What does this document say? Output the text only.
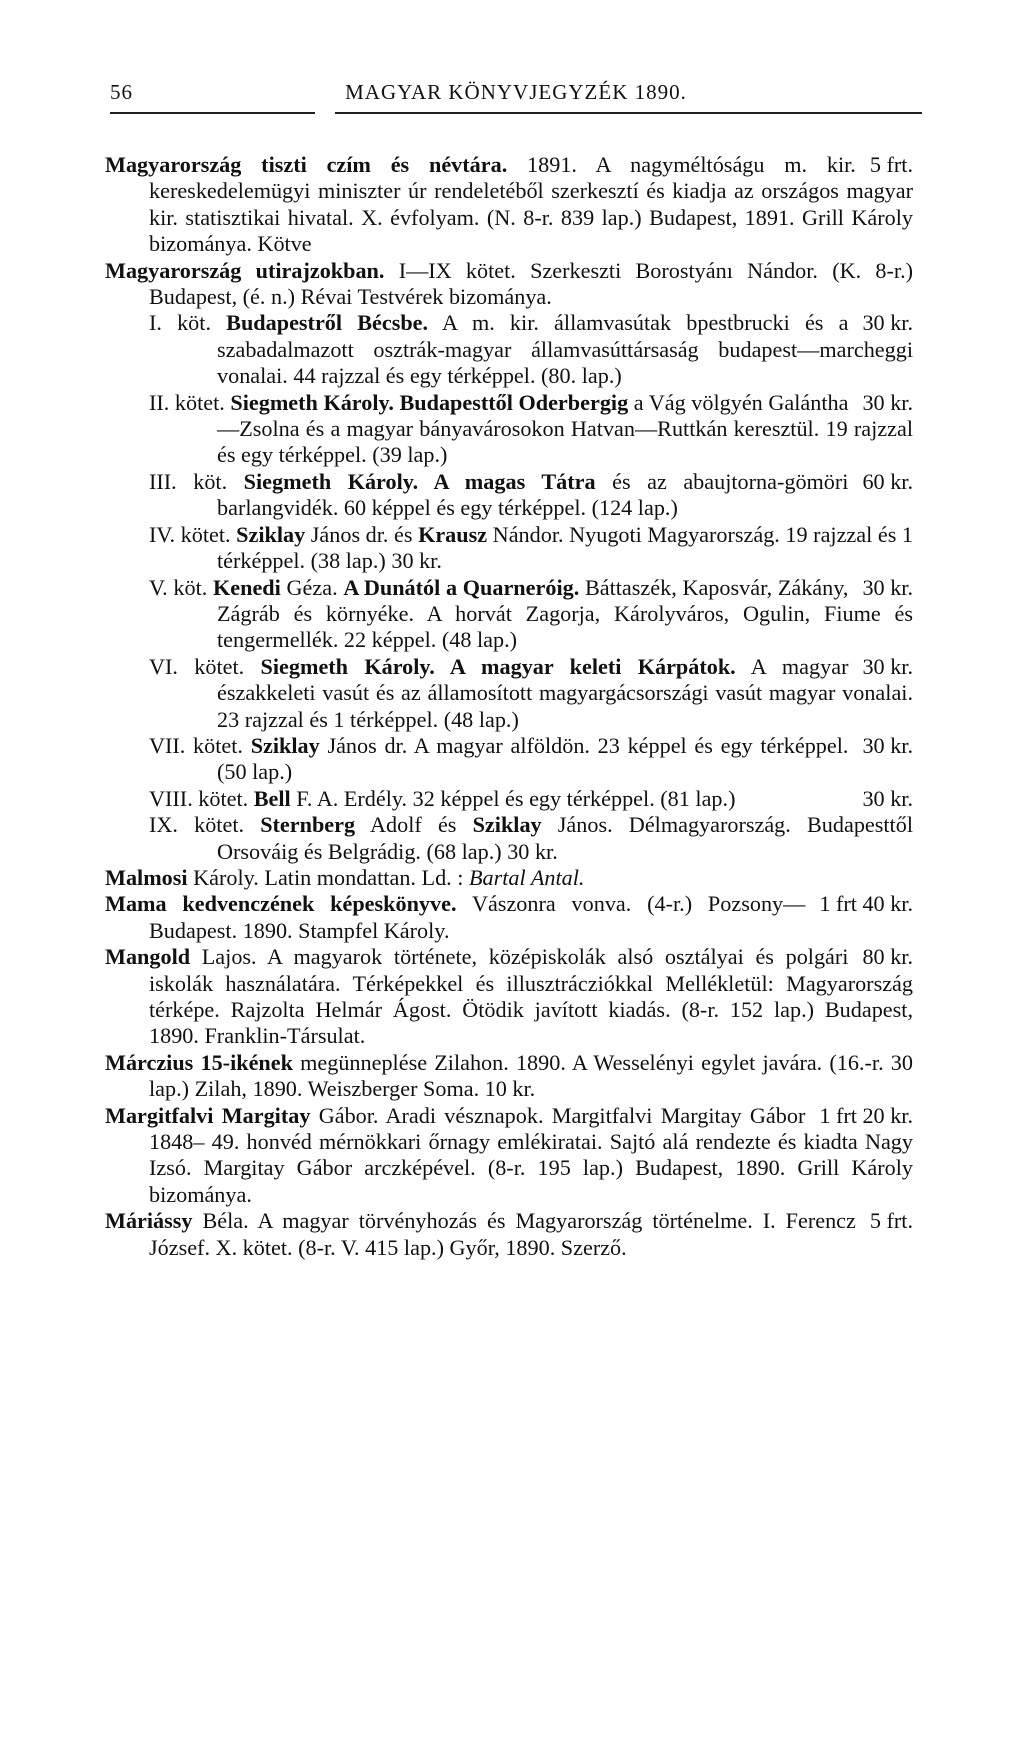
56	MAGYAR KÖNYVJEGYZÉK 1890.
5 frt.
Magyarország tiszti czím és névtára. 1891. A nagyméltóságu m. kir. kereskedelemügyi miniszter úr rendeletéből szerkesztí és kiadja az országos magyar kir. statisztikai hivatal. X. évfolyam. (N. 8-r. 839 lap.) Budapest, 1891. Grill Károly bizománya. Kötve
Magyarország utirajzokban. I—IX kötet. Szerkeszti Borostyánı Nándor. (K. 8-r.) Budapest, (é. n.) Révai Testvérek bizománya.
30 kr.
I. köt. Budapestről Bécsbe. A m. kir. államvasútak bpestbrucki és a szabadalmazott osztrák-magyar államvasúttársaság budapest—marcheggi vonalai. 44 rajzzal és egy térképpel. (80. lap.)
30 kr.
II. kötet. Siegmeth Károly. Budapesttől Oderbergig a Vág völgyén Galántha—Zsolna és a magyar bányavárosokon Hatvan—Ruttkán keresztül. 19 rajzzal és egy térképpel. (39 lap.)
60 kr.
III. köt. Siegmeth Károly. A magas Tátra és az abaujtorna-gömöri barlangvidék. 60 képpel és egy térképpel. (124 lap.)
IV. kötet. Sziklay János dr. és Krausz Nándor. Nyugoti Magyarország. 19 rajzzal és 1 térképpel. (38 lap.) 30 kr.
30 kr.
V. köt. Kenedi Géza. A Dunától a Quarneróig. Báttaszék, Kaposvár, Zákány, Zágráb és környéke. A horvát Zagorja, Károlyváros, Ogulin, Fiume és tengermellék. 22 képpel. (48 lap.)
30 kr.
VI. kötet. Siegmeth Károly. A magyar keleti Kárpátok. A magyar északkeleti vasút és az államosított magyargácsországi vasút magyar vonalai. 23 rajzzal és 1 térképpel. (48 lap.)
30 kr.
VII. kötet. Sziklay János dr. A magyar alföldön. 23 képpel és egy térképpel. (50 lap.)
30 kr.
VIII. kötet. Bell F. A. Erdély. 32 képpel és egy térképpel. (81 lap.)
IX. kötet. Sternberg Adolf és Sziklay János. Délmagyarország. Budapesttől Orsováig és Belgrádig. (68 lap.) 30 kr.
Malmosi Károly. Latin mondattan. Ld. : Bartal Antal.
1 frt 40 kr.
Mama kedvenczének képeskönyve. Vászonra vonva. (4-r.) Pozsony—Budapest. 1890. Stampfel Károly.
80 kr.
Mangold Lajos. A magyarok története, középiskolák alsó osztályai és polgári iskolák használatára. Térképekkel és illusztrácziókkal Mellékletül: Magyarország térképe. Rajzolta Helmár Ágost. Ötödik javított kiadás. (8-r. 152 lap.) Budapest, 1890. Franklin-Társulat.
Márczius 15-ikének megünneplése Zilahon. 1890. A Wesselényi egylet javára. (16.-r. 30 lap.) Zilah, 1890. Weiszberger Soma. 10 kr.
1 frt 20 kr.
Margitfalvi Margitay Gábor. Aradi vésznapok. Margitfalvi Margitay Gábor 1848– 49. honvéd mérnökkari őrnagy emlékiratai. Sajtó alá rendezte és kiadta Nagy Izsó. Margitay Gábor arczképével. (8-r. 195 lap.) Budapest, 1890. Grill Károly bizománya.
5 frt.
Máriássy Béla. A magyar törvényhozás és Magyarország történelme. I. Ferencz József. X. kötet. (8-r. V. 415 lap.) Győr, 1890. Szerző.
